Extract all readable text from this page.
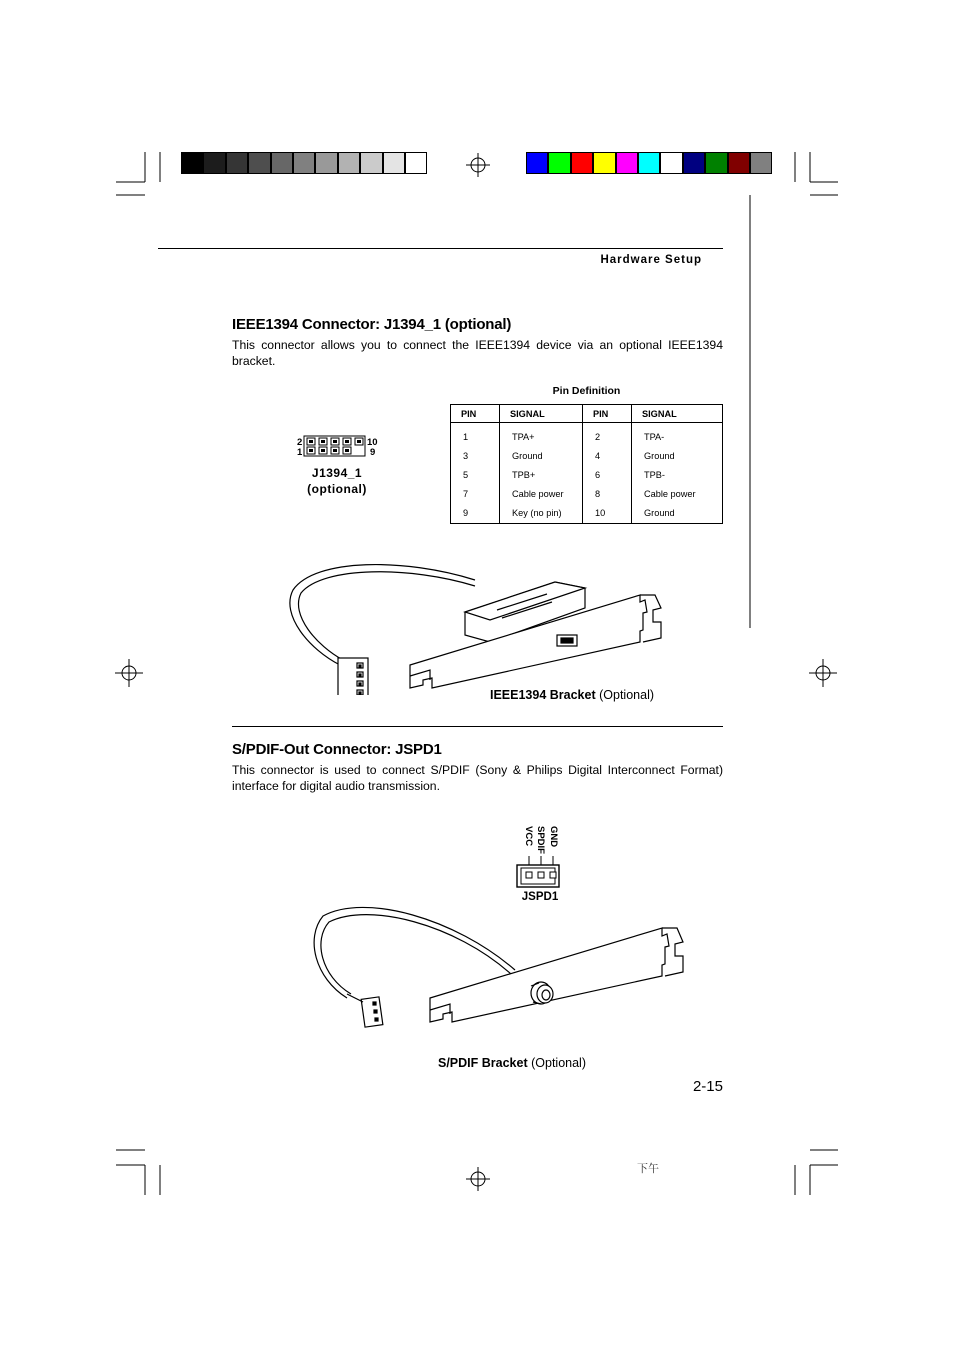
Hardware Setup
IEEE1394 Connector: J1394_1 (optional)

This connector allows you to connect the IEEE1394 device via an optional IEEE1394 bracket.

Pin Definition
PIN	SIGNAL	PIN	SIGNAL
1	TPA+	2	TPA-
3	Ground	4	Ground
5	TPB+	6	TPB-
7	Cable power	8	Cable power
9	Key (no pin)	10	Ground
2
1
10
9
J1394_1
(optional)
IEEE1394 Bracket (Optional)
S/PDIF-Out Connector: JSPD1

This connector is used to connect S/PDIF (Sony & Philips Digital Interconnect Format) interface for digital audio transmission.

GND
SPDIF
VCC
JSPD1
S/PDIF Bracket (Optional)
2-15
下午
